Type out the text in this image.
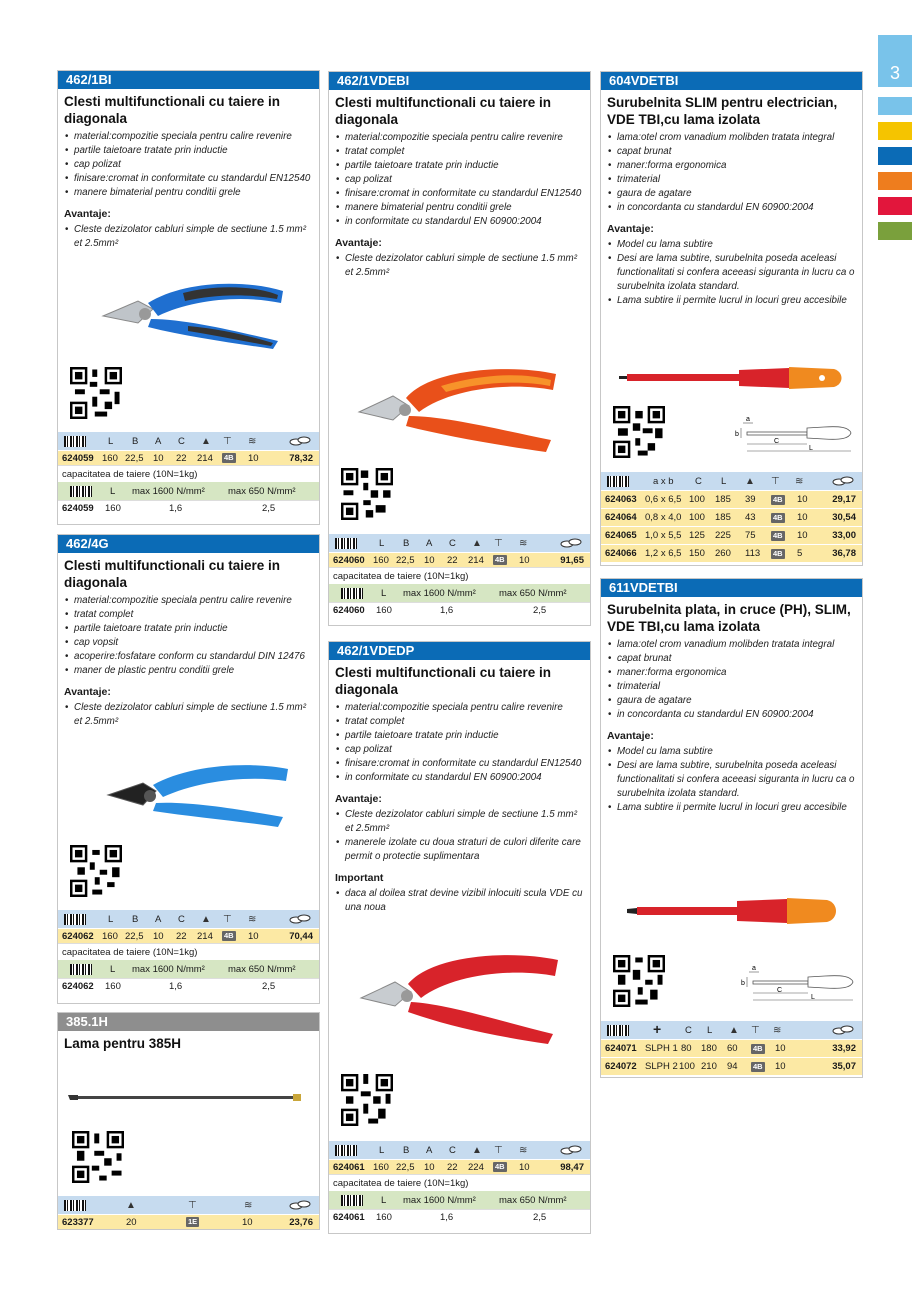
3
462/1BI
Clesti multifunctionali cu taiere in diagonala
• material:compozitie speciala pentru calire revenire
• partile taietoare tratate prin inductie
• cap polizat
• finisare:cromat in conformitate cu standardul EN12540
• manere bimaterial pentru conditii grele
Avantaje:
• Cleste dezizolator cabluri simple de sectiune 1.5 mm² et 2.5mm²
L B A C ▲ ⊤ ≋
624059 160 22,5 10 22 214 4B 10	78,32
capacitatea de taiere (10N=1kg)
L max 1600 N/mm² max 650 N/mm²
624059 160	1,6	2,5
462/4G
Clesti multifunctionali cu taiere in diagonala
• material:compozitie speciala pentru calire revenire
• tratat complet
• partile taietoare tratate prin inductie
• cap vopsit
• acoperire:fosfatare conform cu standardul DIN 12476
• maner de plastic pentru conditii grele
Avantaje:
• Cleste dezizolator cabluri simple de sectiune 1.5 mm² et 2.5mm²
L B A C ▲ ⊤ ≋
624062 160 22,5 10 22 214 4B 10	70,44
capacitatea de taiere (10N=1kg)
L max 1600 N/mm² max 650 N/mm²
624062 160	1,6	2,5
385.1H
Lama pentru 385H
▲	⊤	≋
623377	20	1E	10	23,76
462/1VDEBI
Clesti multifunctionali cu taiere in diagonala
• material:compozitie speciala pentru calire revenire
• tratat complet
• partile taietoare tratate prin inductie
• cap polizat
• finisare:cromat in conformitate cu standardul EN12540
• manere bimaterial pentru conditii grele
• in conformitate cu standardul EN 60900:2004
Avantaje:
• Cleste dezizolator cabluri simple de sectiune 1.5 mm² et 2.5mm²
L B A C ▲ ⊤ ≋
624060 160 22,5 10 22 214 4B 10	91,65
capacitatea de taiere (10N=1kg)
L max 1600 N/mm² max 650 N/mm²
624060 160	1,6	2,5
462/1VDEDP
Clesti multifunctionali cu taiere in diagonala
• material:compozitie speciala pentru calire revenire
• tratat complet
• partile taietoare tratate prin inductie
• cap polizat
• finisare:cromat in conformitate cu standardul EN12540
• in conformitate cu standardul EN 60900:2004
Avantaje:
• Cleste dezizolator cabluri simple de sectiune 1.5 mm² et 2.5mm²
• manerele izolate cu doua straturi de culori diferite care permit o protectie suplimentara
Important
• daca al doilea strat devine vizibil inlocuiti scula VDE cu una noua
L B A C ▲ ⊤ ≋
624061 160 22,5 10 22 224 4B 10	98,47
capacitatea de taiere (10N=1kg)
L max 1600 N/mm² max 650 N/mm²
624061 160	1,6	2,5
604VDETBI
Surubelnita SLIM pentru electrician, VDE TBI,cu lama izolata
• lama:otel crom vanadium molibden tratata integral
• capat brunat
• maner:forma ergonomica
• trimaterial
• gaura de agatare
• in concordanta cu standardul EN 60900:2004
Avantaje:
• Model cu lama subtire
• Desi are lama subtire, surubelnita poseda aceleasi functionalitati si confera aceeasi siguranta in lucru ca o surubelnita izolata standard.
• Lama subtire ii permite lucrul in locuri greu accesibile
a
b
C
L
a x b C L ▲ ⊤ ≋
624063 0,6 x 6,5 100 185 39 4B 10	29,17
624064 0,8 x 4,0 100 185 43 4B 10	30,54
624065 1,0 x 5,5 125 225 75 4B 10	33,00
624066 1,2 x 6,5 150 260 113 4B 5	36,78
611VDETBI
Surubelnita plata, in cruce (PH), SLIM, VDE TBI,cu lama izolata
• lama:otel crom vanadium molibden tratata integral
• capat brunat
• maner:forma ergonomica
• trimaterial
• gaura de agatare
• in concordanta cu standardul EN 60900:2004
Avantaje:
• Model cu lama subtire
• Desi are lama subtire, surubelnita poseda aceleasi functionalitati si confera aceeasi siguranta in lucru ca o surubelnita izolata standard.
• Lama subtire ii permite lucrul in locuri greu accesibile
a
b
C
L
+	C L ▲ ⊤ ≋
624071 SLPH 1 80 180 60 4B 10	33,92
624072 SLPH 2 100 210 94 4B 10	35,07
